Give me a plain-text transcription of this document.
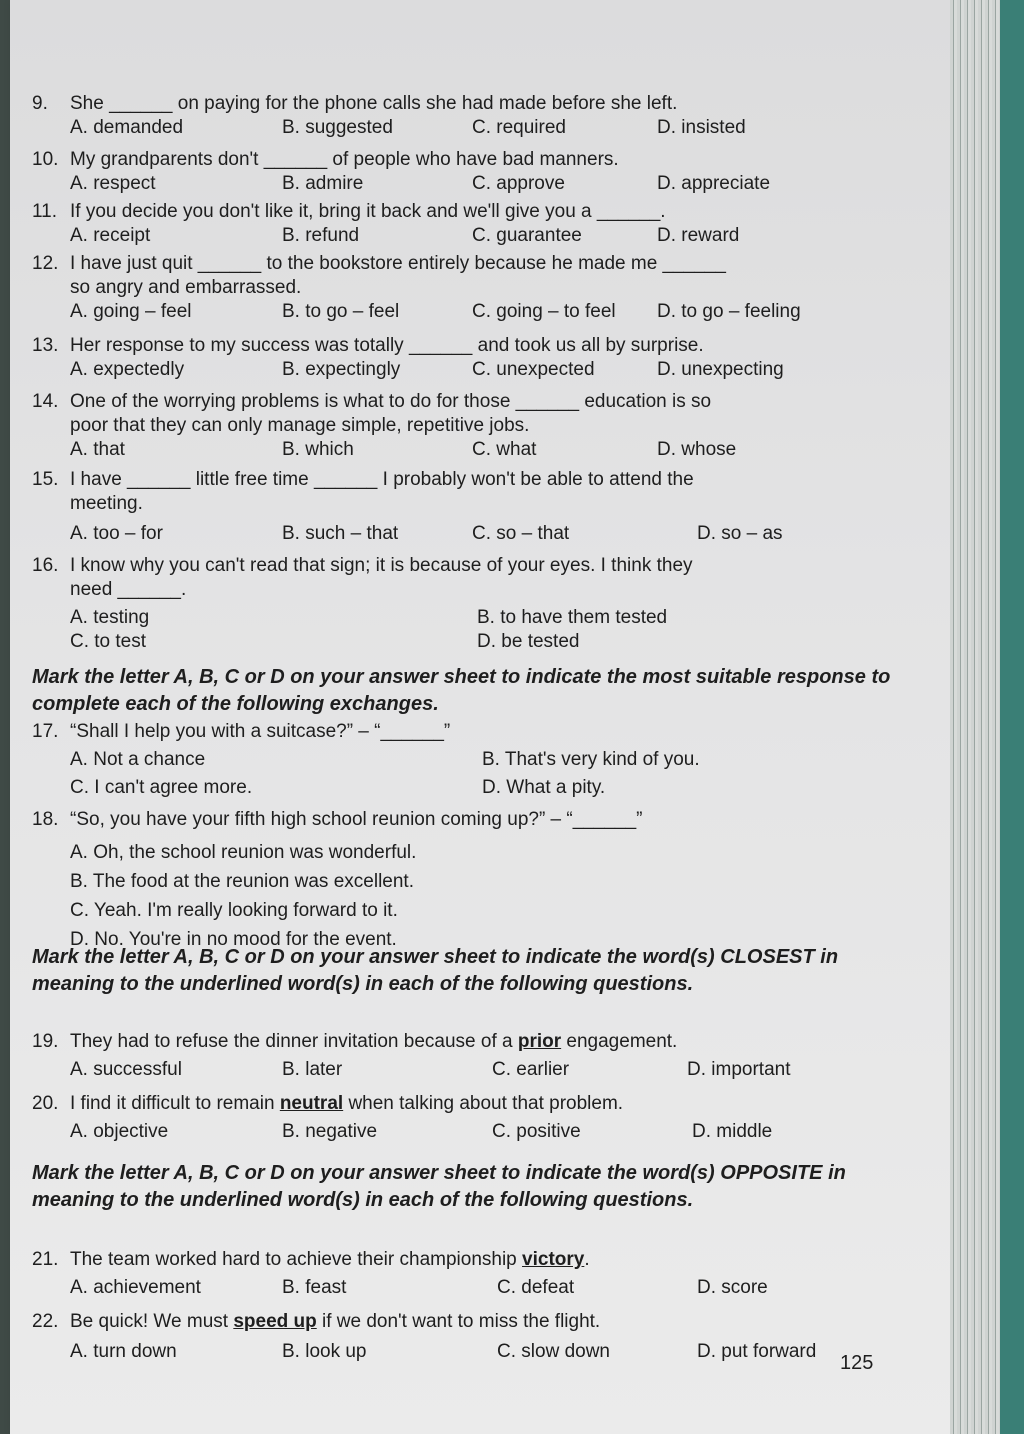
9. She ______ on paying for the phone calls she had made before she left.
A. demanded	B. suggested	C. required	D. insisted
10. My grandparents don't ______ of people who have bad manners.
A. respect	B. admire	C. approve	D. appreciate
11. If you decide you don't like it, bring it back and we'll give you a ______.
A. receipt	B. refund	C. guarantee	D. reward
12. I have just quit ______ to the bookstore entirely because he made me ______
so angry and embarrassed.
A. going – feel	B. to go – feel	C. going – to feel D. to go – feeling
13. Her response to my success was totally ______ and took us all by surprise.
A. expectedly	B. expectingly	C. unexpected	D. unexpecting
14. One of the worrying problems is what to do for those ______ education is so
poor that they can only manage simple, repetitive jobs.
A. that	B. which	C. what	D. whose
15. I have ______ little free time ______ I probably won't be able to attend the
meeting.
A. too – for	B. such – that	C. so – that	D. so – as
16. I know why you can't read that sign; it is because of your eyes. I think they
need ______.
A. testing	B. to have them tested
C. to test	D. be tested
Mark the letter A, B, C or D on your answer sheet to indicate the most suitable response to complete each of the following exchanges.
17. “Shall I help you with a suitcase?” – “______”
A. Not a chance	B. That's very kind of you.
C. I can't agree more.	D. What a pity.
18. “So, you have your fifth high school reunion coming up?” – “______”
A. Oh, the school reunion was wonderful.
B. The food at the reunion was excellent.
C. Yeah. I'm really looking forward to it.
D. No. You're in no mood for the event.
Mark the letter A, B, C or D on your answer sheet to indicate the word(s) CLOSEST in meaning to the underlined word(s) in each of the following questions.
19. They had to refuse the dinner invitation because of a prior engagement.
A. successful	B. later	C. earlier	D. important
20. I find it difficult to remain neutral when talking about that problem.
A. objective	B. negative	C. positive	D. middle
Mark the letter A, B, C or D on your answer sheet to indicate the word(s) OPPOSITE in meaning to the underlined word(s) in each of the following questions.
21. The team worked hard to achieve their championship victory.
A. achievement	B. feast	C. defeat	D. score
22. Be quick! We must speed up if we don't want to miss the flight.
A. turn down	B. look up	C. slow down	D. put forward
125
